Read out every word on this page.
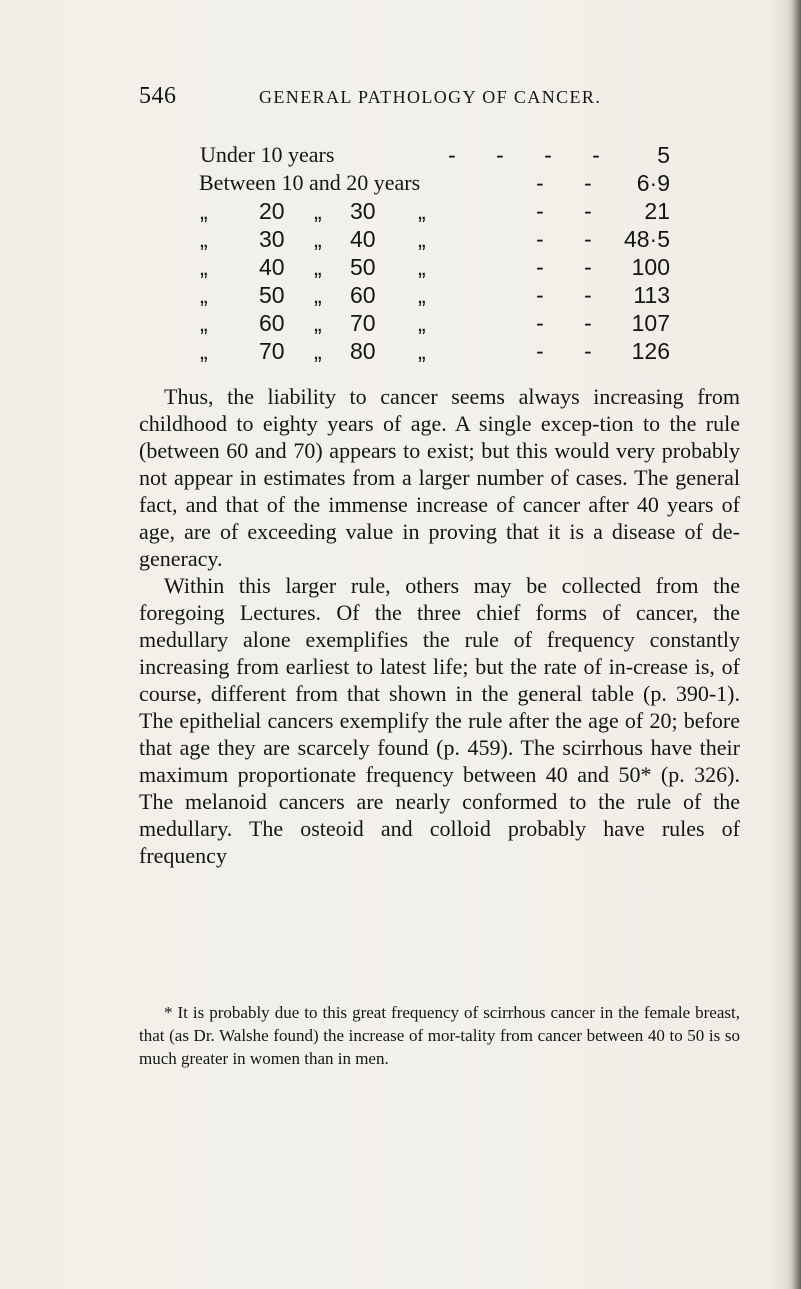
546	GENERAL PATHOLOGY OF CANCER.
Under 10 years	- - - -	5
Between 10 and 20 years	- -	6·9
„ 20 „ 30 „	- -	21
„ 30 „ 40 „	- - 48·5
„ 40 „ 50 „	- - 100
„ 50 „ 60 „	- -	113
„ 60 „ 70 „	- - 107
„ 70 „ 80 „	- - 126

Thus, the liability to cancer seems always increasing from childhood to eighty years of age. A single excep-tion to the rule (between 60 and 70) appears to exist; but this would very probably not appear in estimates from a larger number of cases. The general fact, and that of the immense increase of cancer after 40 years of age, are of exceeding value in proving that it is a disease of de-generacy.

Within this larger rule, others may be collected from the foregoing Lectures. Of the three chief forms of cancer, the medullary alone exemplifies the rule of frequency constantly increasing from earliest to latest life; but the rate of in-crease is, of course, different from that shown in the general table (p. 390-1). The epithelial cancers exemplify the rule after the age of 20; before that age they are scarcely found (p. 459). The scirrhous have their maximum proportionate frequency between 40 and 50* (p. 326). The melanoid cancers are nearly conformed to the rule of the medullary. The osteoid and colloid probably have rules of frequency

* It is probably due to this great frequency of scirrhous cancer in the female breast, that (as Dr. Walshe found) the increase of mor-tality from cancer between 40 to 50 is so much greater in women than in men.
